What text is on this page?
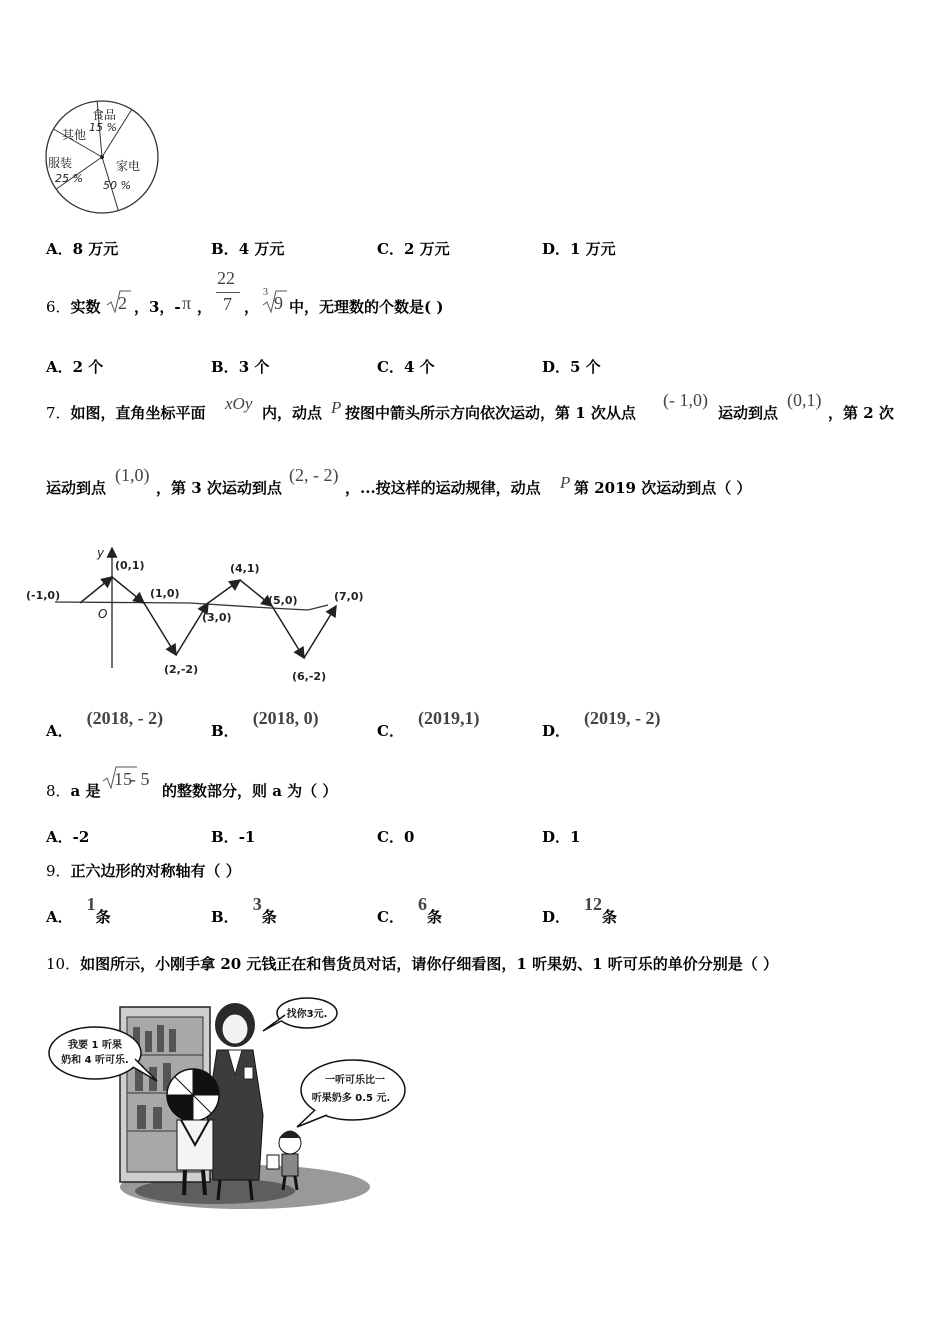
食品
15 %
其他
服装
25 %
家电
50 %
A．8 万元	B．4 万元	C．2 万元	D．1 万元
6．实数 2 ，3，- π ，
22
7 ，
3
9 中，无理数的个数是( )
A．2 个	B．3 个	C．4 个	D．5 个
7．如图，直角坐标平面 xOy 内，动点 P 按图中箭头所示方向依次运动，第 1 次从点
(- 1,0)
运动到点
(0,1)
，第 2 次
运动到点
(1,0)
，第 3 次运动到点
(2, - 2)
，...按这样的运动规律，动点 P 第 2019 次运动到点（ ）
(-1,0)
(0,1)
(1,0)
(2,-2)
(3,0)
(4,1)
(5,0)
(6,-2)
(7,0)
y
O
A．(2018, - 2)
B．(2018, 0)
C．(2019,1)
D．(2019, - 2)
8．a 是
15
- 5
的整数部分，则 a 为（ ）
A．-2	B．-1	C．0	D．1
9．正六边形的对称轴有（ ）
A．1条	B．3条	C．6条	D．12条
10．如图所示，小刚手拿 20 元钱正在和售货员对话，请你仔细看图，1 听果奶、1 听可乐的单价分别是（ ）
我要 1 听果
奶和 4 听可乐.
找你3元.
一听可乐比一
听果奶多 0.5 元.
